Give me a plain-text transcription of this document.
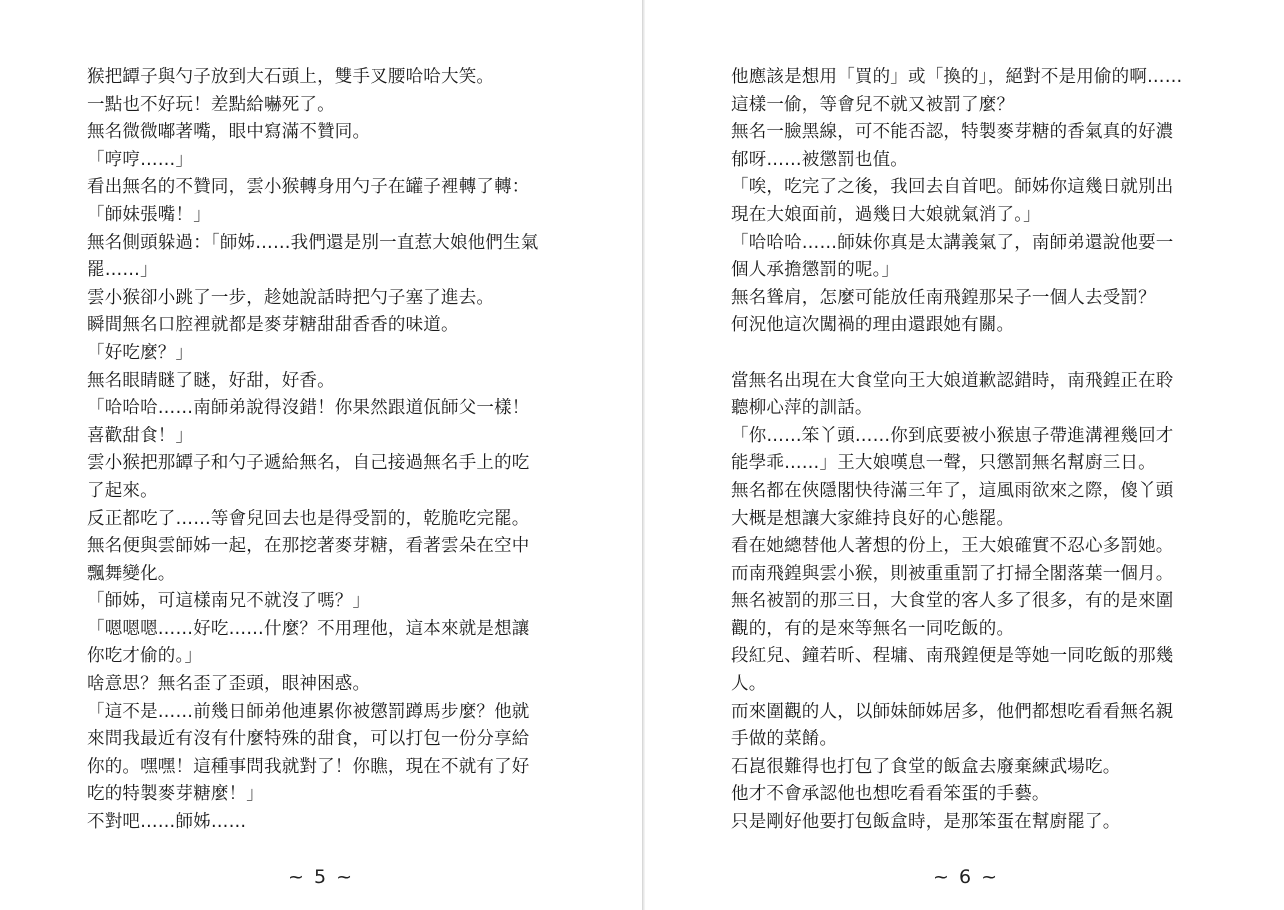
猴把罈子與勺子放到大石頭上，雙手叉腰哈哈大笑。
一點也不好玩！差點給嚇死了。
無名微微嘟著嘴，眼中寫滿不贊同。
「哼哼……」
看出無名的不贊同，雲小猴轉身用勺子在罐子裡轉了轉：
「師妹張嘴！」
無名側頭躲過：「師姊……我們還是別一直惹大娘他們生氣
罷……」
雲小猴卻小跳了一步，趁她說話時把勺子塞了進去。
瞬間無名口腔裡就都是麥芽糖甜甜香香的味道。
「好吃麼？」
無名眼睛瞇了瞇，好甜，好香。
「哈哈哈……南師弟說得沒錯！你果然跟道佤師父一樣！
喜歡甜食！」
雲小猴把那罈子和勺子遞給無名，自己接過無名手上的吃
了起來。
反正都吃了……等會兒回去也是得受罰的，乾脆吃完罷。
無名便與雲師姊一起，在那挖著麥芽糖，看著雲朵在空中
飄舞變化。
「師姊，可這樣南兄不就沒了嗎？」
「嗯嗯嗯……好吃……什麼？不用理他，這本來就是想讓
你吃才偷的。」
啥意思？無名歪了歪頭，眼神困惑。
「這不是……前幾日師弟他連累你被懲罰蹲馬步麼？他就
來問我最近有沒有什麼特殊的甜食，可以打包一份分享給
你的。嘿嘿！這種事問我就對了！你瞧，現在不就有了好
吃的特製麥芽糖麼！」
不對吧……師姊……
~ 5 ~
他應該是想用「買的」或「換的」，絕對不是用偷的啊……
這樣一偷，等會兒不就又被罰了麼？
無名一臉黑線，可不能否認，特製麥芽糖的香氣真的好濃
郁呀……被懲罰也值。
「唉，吃完了之後，我回去自首吧。師姊你這幾日就別出
現在大娘面前，過幾日大娘就氣消了。」
「哈哈哈……師妹你真是太講義氣了，南師弟還說他要一
個人承擔懲罰的呢。」
無名聳肩，怎麼可能放任南飛鍠那呆子一個人去受罰？
何況他這次闖禍的理由還跟她有關。
當無名出現在大食堂向王大娘道歉認錯時，南飛鍠正在聆
聽柳心萍的訓話。
「你……笨丫頭……你到底要被小猴崽子帶進溝裡幾回才
能學乖……」王大娘嘆息一聲，只懲罰無名幫廚三日。
無名都在俠隱閣快待滿三年了，這風雨欲來之際，傻丫頭
大概是想讓大家維持良好的心態罷。
看在她總替他人著想的份上，王大娘確實不忍心多罰她。
而南飛鍠與雲小猴，則被重重罰了打掃全閣落葉一個月。
無名被罰的那三日，大食堂的客人多了很多，有的是來圍
觀的，有的是來等無名一同吃飯的。
段紅兒、鐘若昕、程墉、南飛鍠便是等她一同吃飯的那幾
人。
而來圍觀的人，以師妹師姊居多，他們都想吃看看無名親
手做的菜餚。
石崑很難得也打包了食堂的飯盒去廢棄練武場吃。
他才不會承認他也想吃看看笨蛋的手藝。
只是剛好他要打包飯盒時，是那笨蛋在幫廚罷了。
~ 6 ~
